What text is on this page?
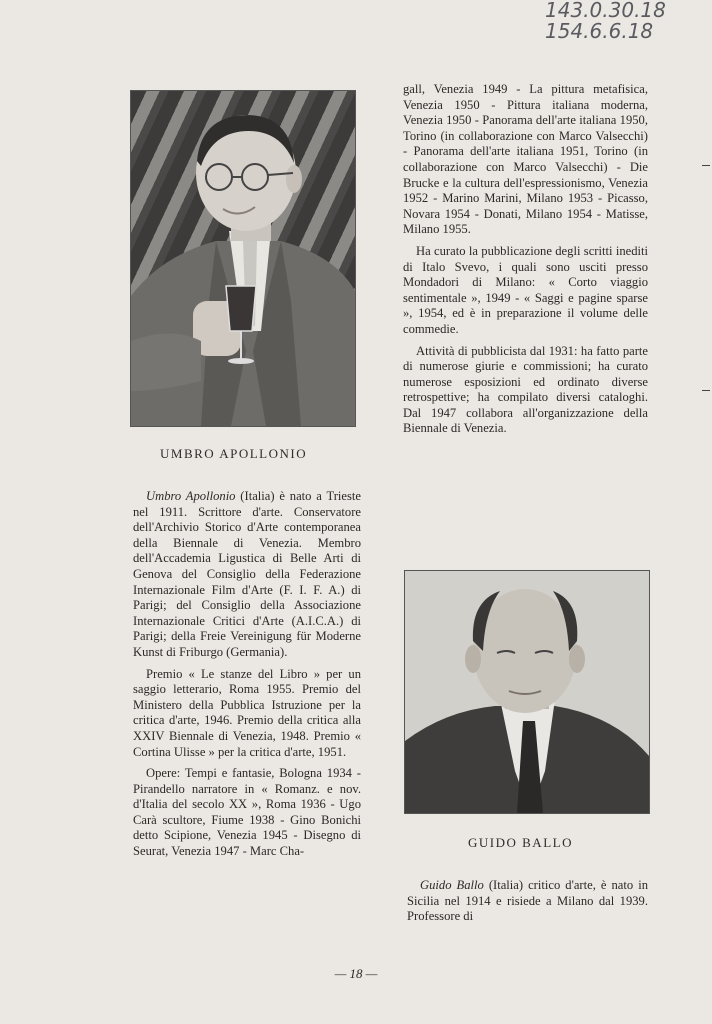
143.0.30.18
154.6.6.18
UMBRO APOLLONIO

Umbro Apollonio (Italia) è nato a Trieste nel 1911. Scrittore d'arte. Conservatore dell'Archivio Storico d'Arte contemporanea della Biennale di Venezia. Membro dell'Accademia Ligustica di Belle Arti di Genova del Consiglio della Federazione Internazionale Film d'Arte (F. I. F. A.) di Parigi; del Consiglio della Associazione Internazionale Critici d'Arte (A.I.C.A.) di Parigi; della Freie Vereinigung für Moderne Kunst di Friburgo (Germania).

Premio « Le stanze del Libro » per un saggio letterario, Roma 1955. Premio del Ministero della Pubblica Istruzione per la critica d'arte, 1946. Premio della critica alla XXIV Biennale di Venezia, 1948. Premio « Cortina Ulisse » per la critica d'arte, 1951.

Opere: Tempi e fantasie, Bologna 1934 - Pirandello narratore in « Romanz. e nov. d'Italia del secolo XX », Roma 1936 - Ugo Carà scultore, Fiume 1938 - Gino Bonichi detto Scipione, Venezia 1945 - Disegno di Seurat, Venezia 1947 - Marc Cha-

gall, Venezia 1949 - La pittura metafisica, Venezia 1950 - Pittura italiana moderna, Venezia 1950 - Panorama dell'arte italiana 1950, Torino (in collaborazione con Marco Valsecchi) - Panorama dell'arte italiana 1951, Torino (in collaborazione con Marco Valsecchi) - Die Brucke e la cultura dell'espressionismo, Venezia 1952 - Marino Marini, Milano 1953 - Picasso, Novara 1954 - Donati, Milano 1954 - Matisse, Milano 1955.

Ha curato la pubblicazione degli scritti inediti di Italo Svevo, i quali sono usciti presso Mondadori di Milano: « Corto viaggio sentimentale », 1949 - « Saggi e pagine sparse », 1954, ed è in preparazione il volume delle commedie.

Attività di pubblicista dal 1931: ha fatto parte di numerose giurie e commissioni; ha curato numerose esposizioni ed ordinato diverse retrospettive; ha compilato diversi cataloghi. Dal 1947 collabora all'organizzazione della Biennale di Venezia.

GUIDO BALLO

Guido Ballo (Italia) critico d'arte, è nato in Sicilia nel 1914 e risiede a Milano dal 1939. Professore di

— 18 —
